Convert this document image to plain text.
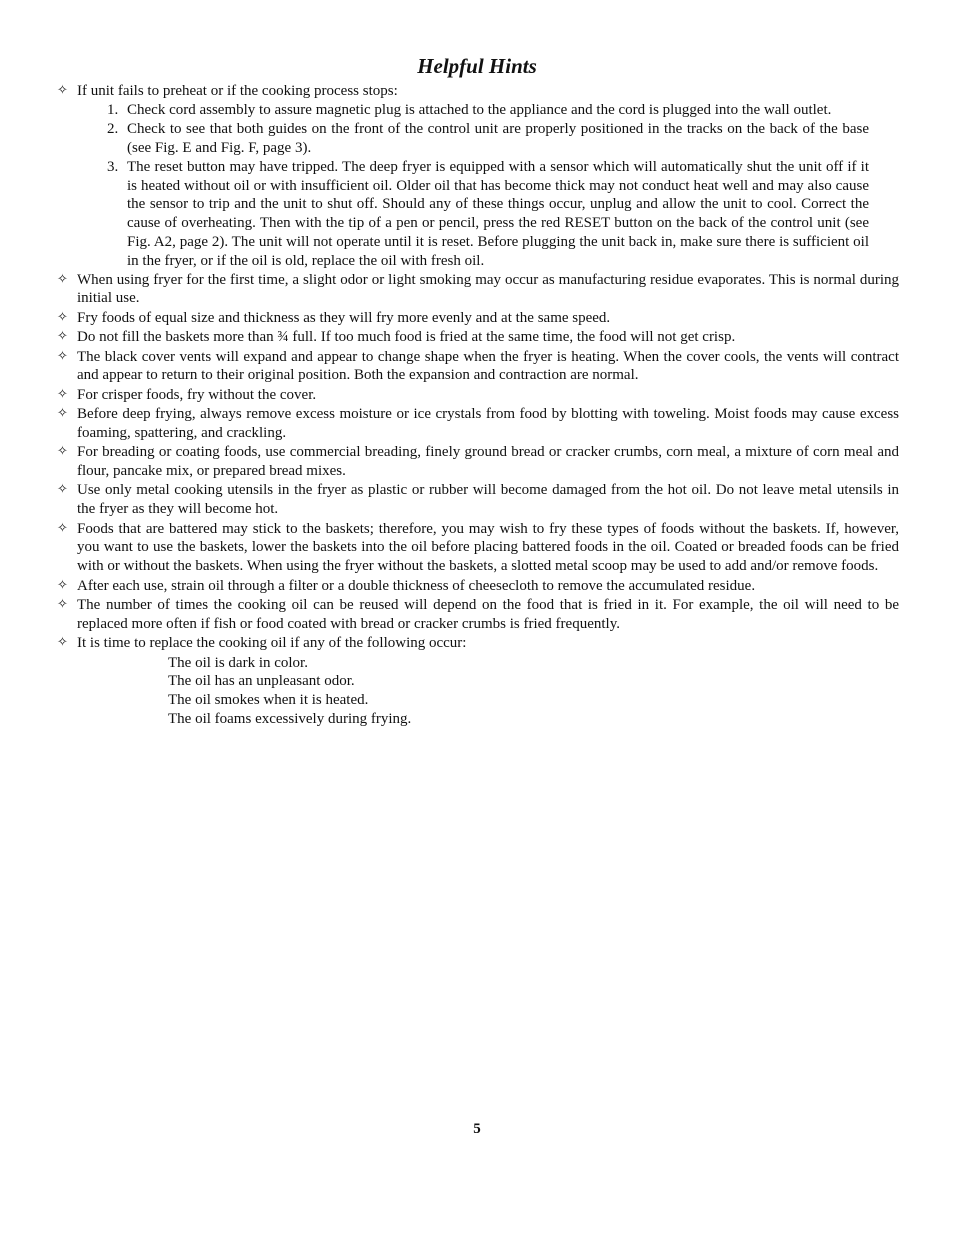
Helpful Hints
✧ If unit fails to preheat or if the cooking process stops:
1. Check cord assembly to assure magnetic plug is attached to the appliance and the cord is plugged into the wall outlet.
2. Check to see that both guides on the front of the control unit are properly positioned in the tracks on the back of the base (see Fig. E and Fig. F, page 3).
3. The reset button may have tripped. The deep fryer is equipped with a sensor which will automatically shut the unit off if it is heated without oil or with insufficient oil. Older oil that has become thick may not conduct heat well and may also cause the sensor to trip and the unit to shut off. Should any of these things occur, unplug and allow the unit to cool. Correct the cause of overheating. Then with the tip of a pen or pencil, press the red RESET button on the back of the control unit (see Fig. A2, page 2). The unit will not operate until it is reset. Before plugging the unit back in, make sure there is sufficient oil in the fryer, or if the oil is old, replace the oil with fresh oil.
✧ When using fryer for the first time, a slight odor or light smoking may occur as manufacturing residue evaporates. This is normal during initial use.
✧ Fry foods of equal size and thickness as they will fry more evenly and at the same speed.
✧ Do not fill the baskets more than ¾ full. If too much food is fried at the same time, the food will not get crisp.
✧ The black cover vents will expand and appear to change shape when the fryer is heating. When the cover cools, the vents will contract and appear to return to their original position. Both the expansion and contraction are normal.
✧ For crisper foods, fry without the cover.
✧ Before deep frying, always remove excess moisture or ice crystals from food by blotting with toweling. Moist foods may cause excess foaming, spattering, and crackling.
✧ For breading or coating foods, use commercial breading, finely ground bread or cracker crumbs, corn meal, a mixture of corn meal and flour, pancake mix, or prepared bread mixes.
✧ Use only metal cooking utensils in the fryer as plastic or rubber will become damaged from the hot oil. Do not leave metal utensils in the fryer as they will become hot.
✧ Foods that are battered may stick to the baskets; therefore, you may wish to fry these types of foods without the baskets. If, however, you want to use the baskets, lower the baskets into the oil before placing battered foods in the oil. Coated or breaded foods can be fried with or without the baskets. When using the fryer without the baskets, a slotted metal scoop may be used to add and/or remove foods.
✧ After each use, strain oil through a filter or a double thickness of cheesecloth to remove the accumulated residue.
✧ The number of times the cooking oil can be reused will depend on the food that is fried in it. For example, the oil will need to be replaced more often if fish or food coated with bread or cracker crumbs is fried frequently.
✧ It is time to replace the cooking oil if any of the following occur:
The oil is dark in color.
The oil has an unpleasant odor.
The oil smokes when it is heated.
The oil foams excessively during frying.
5
